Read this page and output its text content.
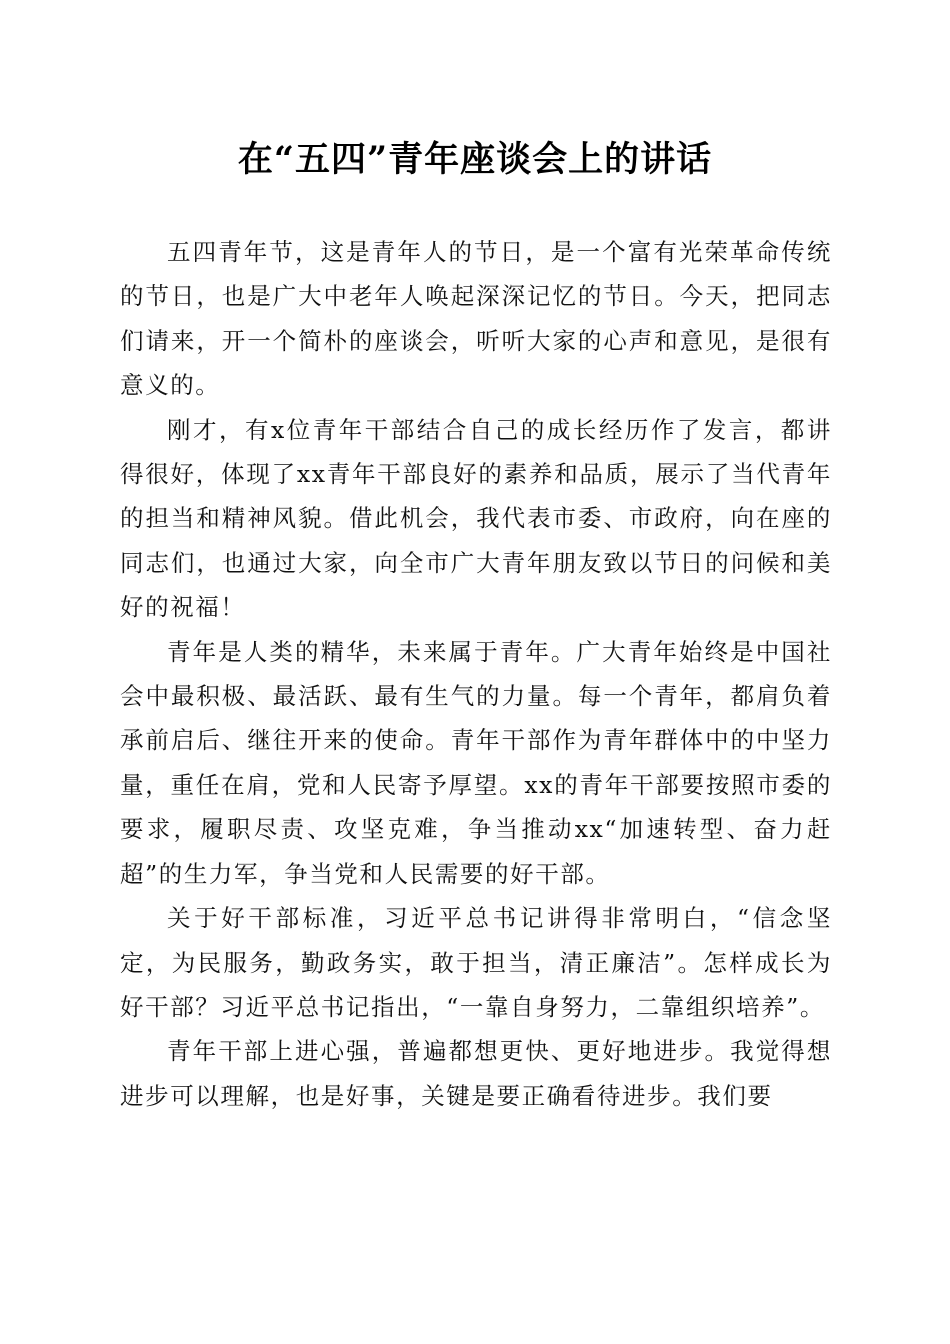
在“五四”青年座谈会上的讲话

五四青年节，这是青年人的节日，是一个富有光荣革命传统的节日，也是广大中老年人唤起深深记忆的节日。今天，把同志们请来，开一个简朴的座谈会，听听大家的心声和意见，是很有意义的。

刚才，有x位青年干部结合自己的成长经历作了发言，都讲得很好，体现了xx青年干部良好的素养和品质，展示了当代青年的担当和精神风貌。借此机会，我代表市委、市政府，向在座的同志们，也通过大家，向全市广大青年朋友致以节日的问候和美好的祝福！

青年是人类的精华，未来属于青年。广大青年始终是中国社会中最积极、最活跃、最有生气的力量。每一个青年，都肩负着承前启后、继往开来的使命。青年干部作为青年群体中的中坚力量，重任在肩，党和人民寄予厚望。xx的青年干部要按照市委的要求，履职尽责、攻坚克难，争当推动xx“加速转型、奋力赶超”的生力军，争当党和人民需要的好干部。

关于好干部标准，习近平总书记讲得非常明白，“信念坚定，为民服务，勤政务实，敢于担当，清正廉洁”。怎样成长为好干部？习近平总书记指出，“一靠自身努力，二靠组织培养”。

青年干部上进心强，普遍都想更快、更好地进步。我觉得想进步可以理解，也是好事，关键是要正确看待进步。我们要
